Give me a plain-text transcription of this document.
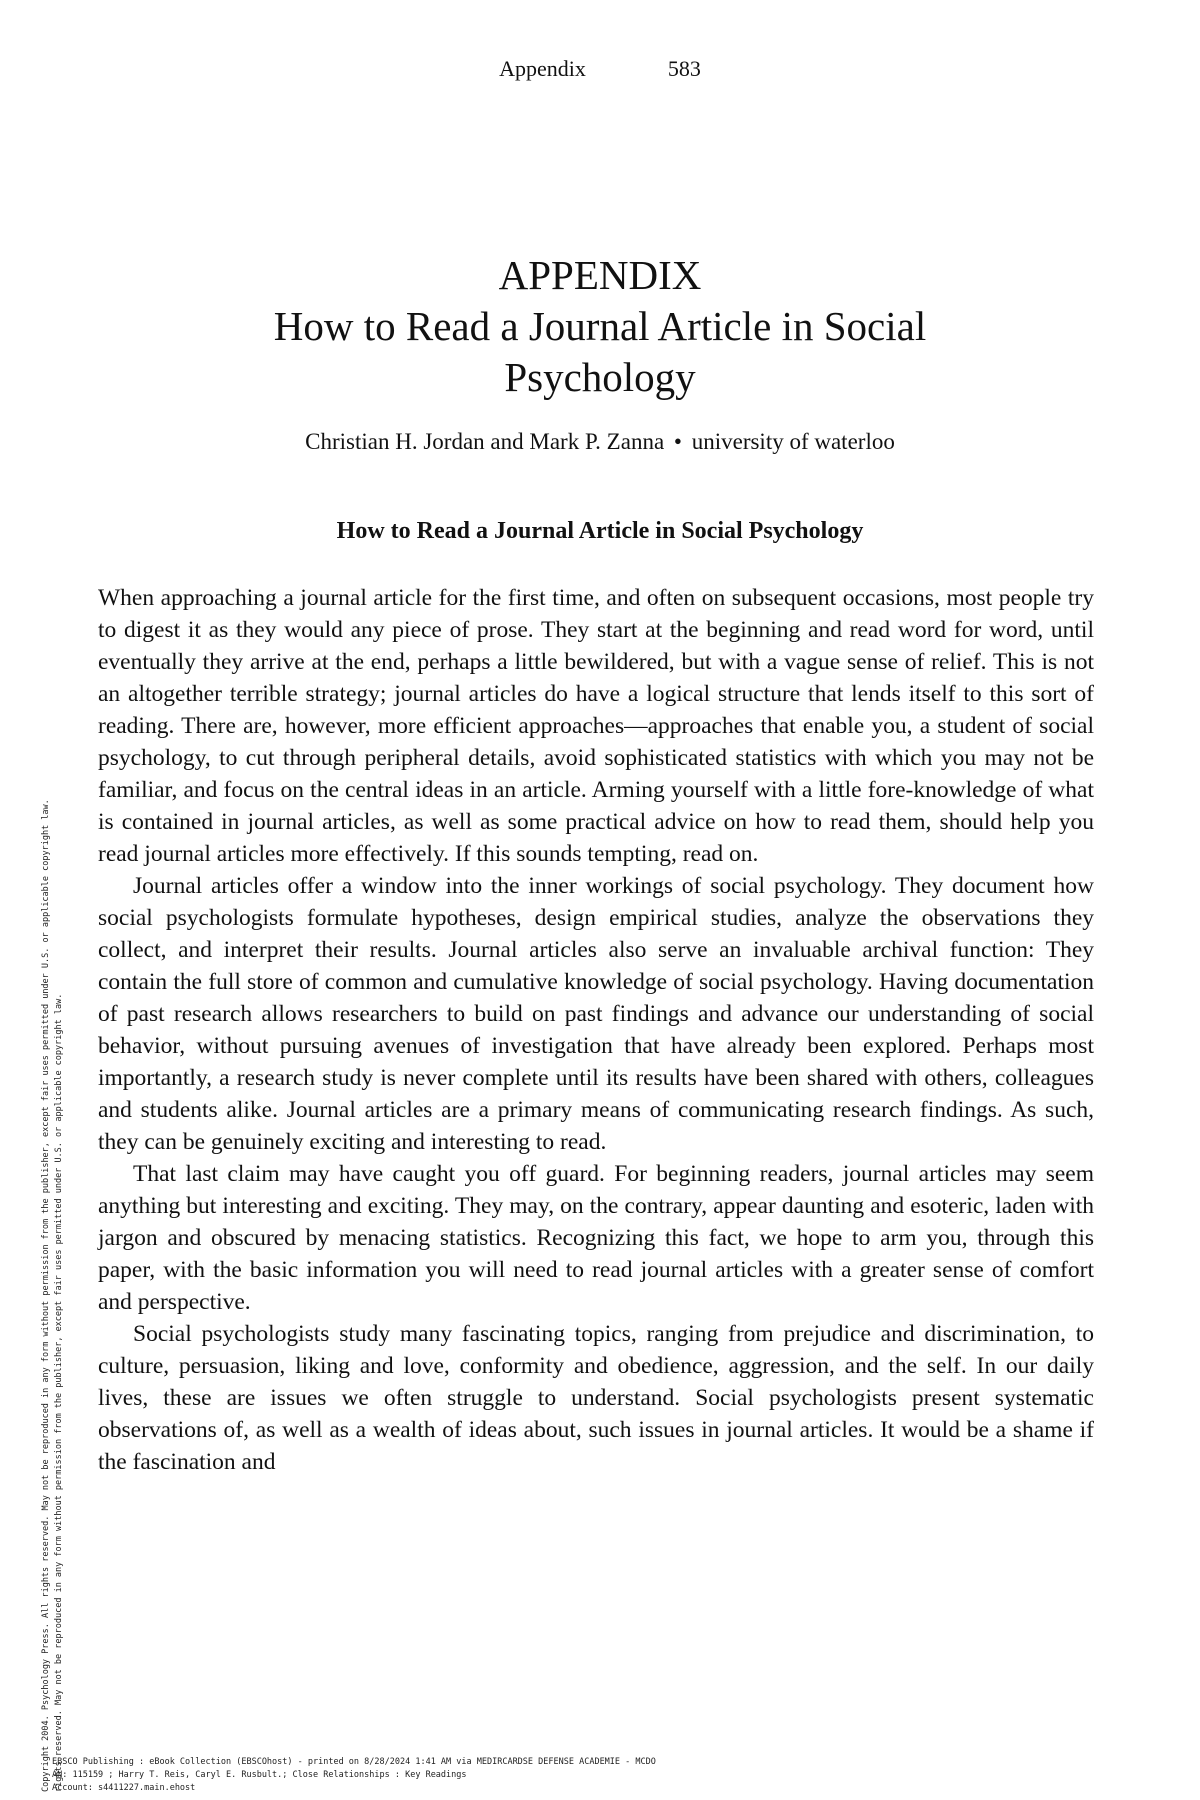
Appendix	583
APPENDIX
How to Read a Journal Article in Social
Psychology
Christian H. Jordan and Mark P. Zanna • university of waterloo
How to Read a Journal Article in Social Psychology

When approaching a journal article for the first time, and often on subsequent occasions, most people try to digest it as they would any piece of prose. They start at the beginning and read word for word, until eventually they arrive at the end, perhaps a little bewildered, but with a vague sense of relief. This is not an altogether terrible strategy; journal articles do have a logical structure that lends itself to this sort of reading. There are, however, more efficient approaches—approaches that enable you, a student of social psychology, to cut through peripheral details, avoid sophisticated statistics with which you may not be familiar, and focus on the central ideas in an article. Arming yourself with a little fore-knowledge of what is contained in journal articles, as well as some practical advice on how to read them, should help you read journal articles more effectively. If this sounds tempting, read on.

Journal articles offer a window into the inner workings of social psychology. They document how social psychologists formulate hypotheses, design empirical studies, analyze the observations they collect, and interpret their results. Journal articles also serve an invaluable archival function: They contain the full store of common and cumulative knowledge of social psychology. Having documentation of past research allows researchers to build on past findings and advance our understanding of social behavior, without pursuing avenues of investigation that have already been explored. Perhaps most importantly, a research study is never complete until its results have been shared with others, colleagues and students alike. Journal articles are a primary means of communicating research findings. As such, they can be genuinely exciting and interesting to read.

That last claim may have caught you off guard. For beginning readers, journal articles may seem anything but interesting and exciting. They may, on the contrary, appear daunting and esoteric, laden with jargon and obscured by menacing statistics. Recognizing this fact, we hope to arm you, through this paper, with the basic information you will need to read journal articles with a greater sense of comfort and perspective.

Social psychologists study many fascinating topics, ranging from prejudice and discrimination, to culture, persuasion, liking and love, conformity and obedience, aggression, and the self. In our daily lives, these are issues we often struggle to understand. Social psychologists present systematic observations of, as well as a wealth of ideas about, such issues in journal articles. It would be a shame if the fascination and

Copyright 2004. Psychology Press. All rights reserved. May not be reproduced in any form without permission from the publisher, except fair uses permitted under U.S. or applicable copyright law. rights reserved. May not be reproduced in any form without permission from the publisher, except fair uses permitted under U.S. or applicable copyright law.
EBSCO Publishing : eBook Collection (EBSCOhost) - printed on 8/28/2024 1:41 AM via MEDIRCARDSE DEFENSE ACADEMIE - MCDO
AN: 115159 ; Harry T. Reis, Caryl E. Rusbult.; Close Relationships : Key Readings
Account: s4411227.main.ehost
